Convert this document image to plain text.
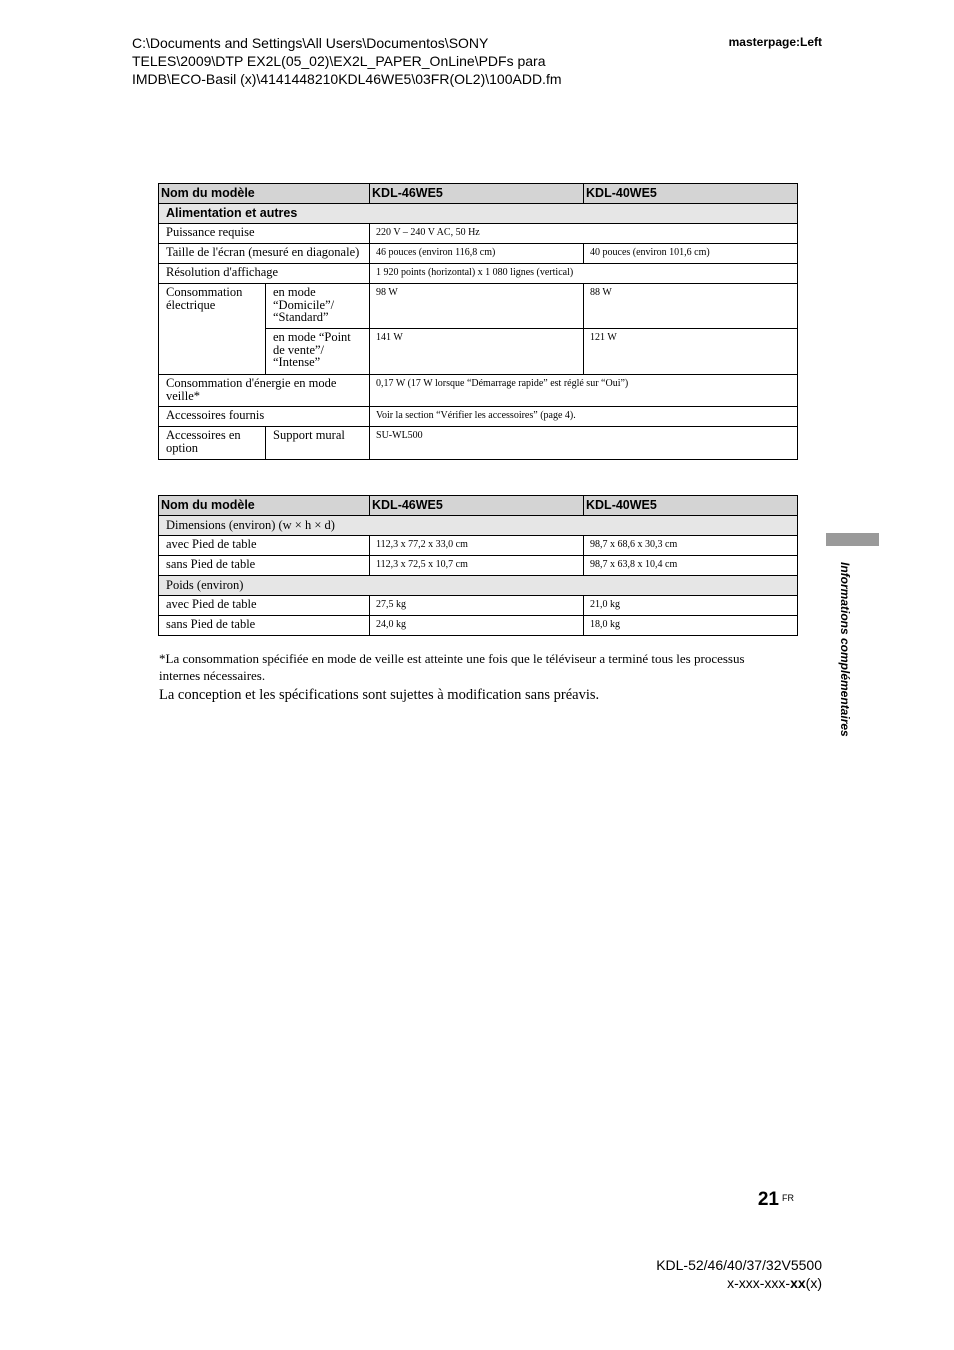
C:\Documents and Settings\All Users\Documentos\SONY
TELES\2009\DTP EX2L(05_02)\EX2L_PAPER_OnLine\PDFs para
IMDB\ECO-Basil (x)\4141448210KDL46WE5\03FR(OL2)\100ADD.fm
masterpage:Left
Nom du modèle		KDL-46WE5	KDL-40WE5
Alimentation et autres			
Puissance requise		220 V – 240 V AC, 50 Hz	
Taille de l'écran (mesuré en diagonale)		46 pouces (environ 116,8 cm)	40 pouces (environ 101,6 cm)
Résolution d'affichage		1 920 points (horizontal) x 1 080 lignes (vertical)	
Consommation électrique	en mode “Domicile”/ “Standard”	98 W	88 W
	en mode “Point de vente”/ “Intense”	141 W	121 W
Consommation d'énergie en mode veille*		0,17 W (17 W lorsque “Démarrage rapide” est réglé sur “Oui”)	
Accessoires fournis		Voir la section “Vérifier les accessoires” (page 4).	
Accessoires en option	Support mural	SU-WL500	
Nom du modèle	KDL-46WE5	KDL-40WE5
Dimensions (environ) (w × h × d)		
avec Pied de table	112,3 x 77,2 x 33,0 cm	98,7 x 68,6 x 30,3 cm
sans Pied de table	112,3 x 72,5 x 10,7 cm	98,7 x 63,8 x 10,4 cm
Poids (environ)		
avec Pied de table	27,5 kg	21,0 kg
sans Pied de table	24,0 kg	18,0 kg
*La consommation spécifiée en mode de veille est atteinte une fois que le téléviseur a terminé tous les processus internes nécessaires.
La conception et les spécifications sont sujettes à modification sans préavis.	Informations complémentaires
21 FR
KDL-52/46/40/37/32V5500
x-xxx-xxx-xx(x)
